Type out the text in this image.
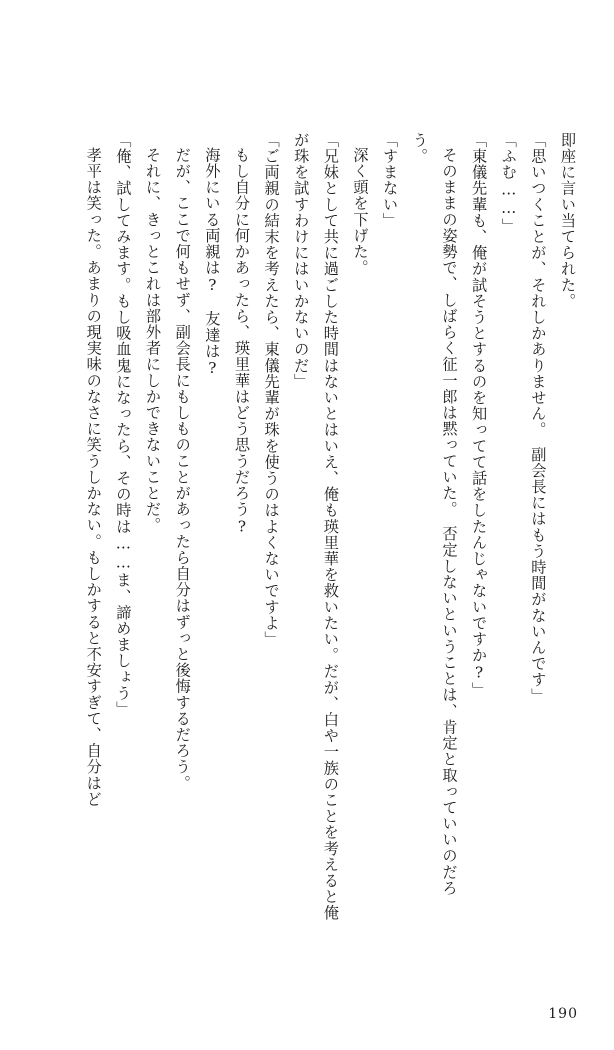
即座に言い当てられた。

「思いつくことが、それしかありません。　副会長にはもう時間がないんです」

「ふむ……」

「東儀先輩も、俺が試そうとするのを知ってて話をしたんじゃないですか?」

そのままの姿勢で、しばらく征一郎は黙っていた。　否定しないということは、肯定と取っていいのだろう。

「すまない」

深く頭を下げた。

「兄妹として共に過ごした時間はないとはいえ、俺も瑛里華を救いたい。だが、白や一族のことを考えると俺が珠を試すわけにはいかないのだ」

「ご両親の結末を考えたら、東儀先輩が珠を使うのはよくないですよ」

もし自分に何かあったら、瑛里華はどう思うだろう?

海外にいる両親は?　友達は?

だが、ここで何もせず、副会長にもしものことがあったら自分はずっと後悔するだろう。

それに、きっとこれは部外者にしかできないことだ。

「俺、試してみます。もし吸血鬼になったら、その時は……ま、諦めましょう」

孝平は笑った。あまりの現実味のなさに笑うしかない。もしかすると不安すぎて、自分はど

190
